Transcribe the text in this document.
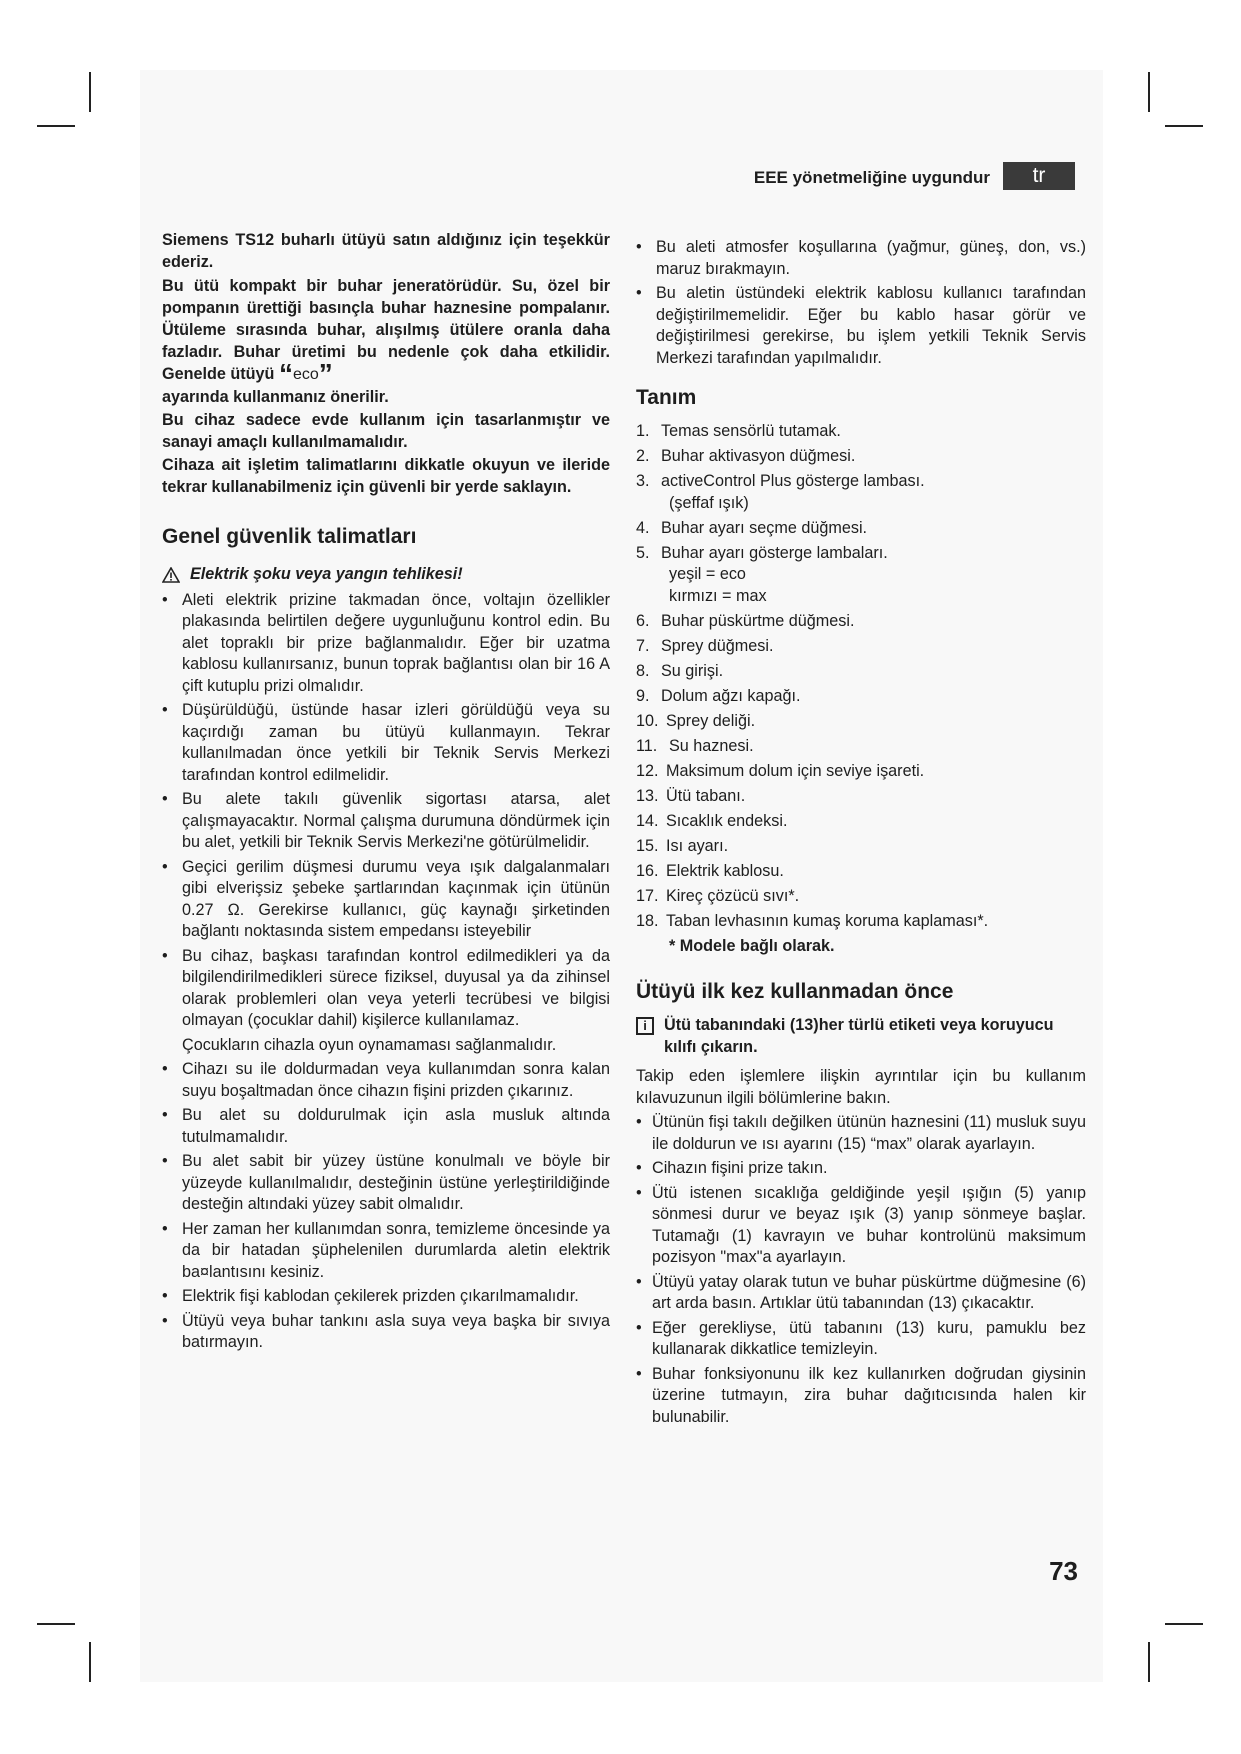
EEE yönetmeliğine uygundur	tr

Siemens TS12 buharlı ütüyü satın aldığınız için teşekkür ederiz.

Bu ütü kompakt bir buhar jeneratörüdür. Su, özel bir pompanın ürettiği basınçla buhar haznesine pompalanır. Ütüleme sırasında buhar, alışılmış ütülere oranla daha fazladır. Buhar üretimi bu nedenle çok daha etkilidir. Genelde ütüyü “eco”
ayarında kullanmanız önerilir.

Bu cihaz sadece evde kullanım için tasarlanmıştır ve sanayi amaçlı kullanılmamalıdır.

Cihaza ait işletim talimatlarını dikkatle okuyun ve ileride tekrar kullanabilmeniz için güvenli bir yerde saklayın.

Genel güvenlik talimatları
Elektrik şoku veya yangın tehlikesi!
• Aleti elektrik prizine takmadan önce, voltajın özellikler plakasında belirtilen değere uygunluğunu kontrol edin. Bu alet topraklı bir prize bağlanmalıdır. Eğer bir uzatma kablosu kullanırsanız, bunun toprak bağlantısı olan bir 16 A çift kutuplu prizi olmalıdır.
• Düşürüldüğü, üstünde hasar izleri görüldüğü veya su kaçırdığı zaman bu ütüyü kullanmayın. Tekrar kullanılmadan önce yetkili bir Teknik Servis Merkezi tarafından kontrol edilmelidir.
• Bu alete takılı güvenlik sigortası atarsa, alet çalışmayacaktır. Normal çalışma durumuna döndürmek için bu alet, yetkili bir Teknik Servis Merkezi'ne götürülmelidir.
• Geçici gerilim düşmesi durumu veya ışık dalgalanmaları gibi elverişsiz şebeke şartlarından kaçınmak için ütünün 0.27 Ω. Gerekirse kullanıcı, güç kaynağı şirketinden bağlantı noktasında sistem empedansı isteyebilir
• Bu cihaz, başkası tarafından kontrol edilmedikleri ya da bilgilendirilmedikleri sürece fiziksel, duyusal ya da zihinsel olarak problemleri olan veya yeterli tecrübesi ve bilgisi olmayan (çocuklar dahil) kişilerce kullanılamaz.

Çocukların cihazla oyun oynamaması sağlanmalıdır.

• Cihazı su ile doldurmadan veya kullanımdan sonra kalan suyu boşaltmadan önce cihazın fişini prizden çıkarınız.
• Bu alet su doldurulmak için asla musluk altında tutulmamalıdır.
• Bu alet sabit bir yüzey üstüne konulmalı ve böyle bir yüzeyde kullanılmalıdır, desteğinin üstüne yerleştirildiğinde desteğin altındaki yüzey sabit olmalıdır.
• Her zaman her kullanımdan sonra, temizleme öncesinde ya da bir hatadan şüphelenilen durumlarda aletin elektrik ba¤lantısını kesiniz.
• Elektrik fişi kablodan çekilerek prizden çıkarılmamalıdır.
• Ütüyü veya buhar tankını asla suya veya başka bir sıvıya batırmayın.
• Bu aleti atmosfer koşullarına (yağmur, güneş, don, vs.) maruz bırakmayın.
• Bu aletin üstündeki elektrik kablosu kullanıcı tarafından değiştirilmemelidir. Eğer bu kablo hasar görür ve değiştirilmesi gerekirse, bu işlem yetkili Teknik Servis Merkezi tarafından yapılmalıdır.
Tanım
1. Temas sensörlü tutamak.
2. Buhar aktivasyon düğmesi.
3. activeControl Plus gösterge lambası.
(şeffaf ışık)
4. Buhar ayarı seçme düğmesi.
5. Buhar ayarı gösterge lambaları.
yeşil = eco
kırmızı = max
6. Buhar püskürtme düğmesi.
7. Sprey düğmesi.
8. Su girişi.
9. Dolum ağzı kapağı.
10. Sprey deliği.
11. Su haznesi.
12. Maksimum dolum için seviye işareti.
13. Ütü tabanı.
14. Sıcaklık endeksi.
15. Isı ayarı.
16. Elektrik kablosu.
17. Kireç çözücü sıvı*.
18. Taban levhasının kumaş koruma kaplaması*.
* Modele bağlı olarak.
Ütüyü ilk kez kullanmadan önce
i	Ütü tabanındaki (13)her türlü etiketi veya koruyucu kılıfı çıkarın.

Takip eden işlemlere ilişkin ayrıntılar için bu kullanım kılavuzunun ilgili bölümlerine bakın.

• Ütünün fişi takılı değilken ütünün haznesini (11) musluk suyu ile doldurun ve ısı ayarını (15) “max” olarak ayarlayın.
• Cihazın fişini prize takın.
• Ütü istenen sıcaklığa geldiğinde yeşil ışığın (5) yanıp sönmesi durur ve beyaz ışık (3) yanıp sönmeye başlar. Tutamağı (1) kavrayın ve buhar kontrolünü maksimum pozisyon "max"a ayarlayın.
• Ütüyü yatay olarak tutun ve buhar püskürtme düğmesine (6) art arda basın. Artıklar ütü tabanından (13) çıkacaktır.
• Eğer gerekliyse, ütü tabanını (13) kuru, pamuklu bez kullanarak dikkatlice temizleyin.
• Buhar fonksiyonunu ilk kez kullanırken doğrudan giysinin üzerine tutmayın, zira buhar dağıtıcısında halen kir bulunabilir.
73
